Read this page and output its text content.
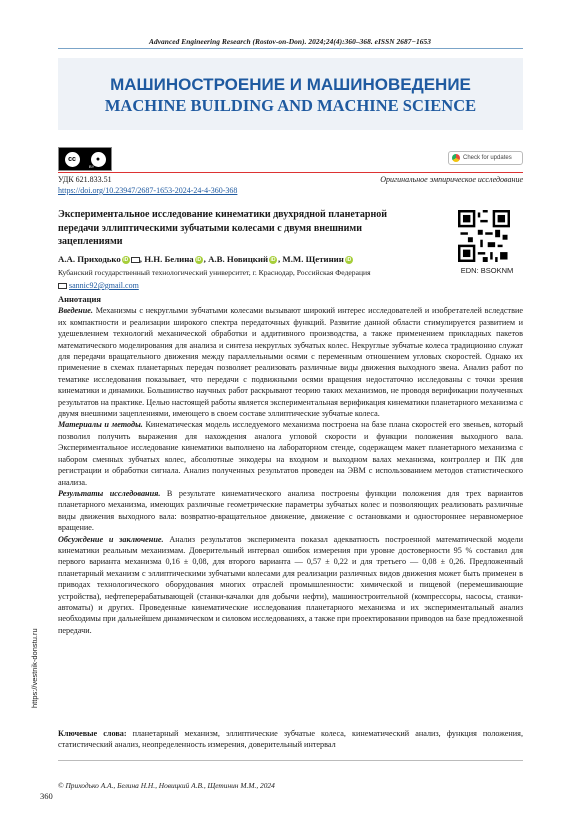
Advanced Engineering Research (Rostov-on-Don). 2024;24(4):360–368. eISSN 2687−1653
МАШИНОСТРОЕНИЕ И МАШИНОВЕДЕНИЕ
MACHINE BUILDING AND MACHINE SCIENCE
cc	●
BY
Check for updates
УДК 621.833.51	Оригинальное эмпирическое исследование
https://doi.org/10.23947/2687-1653-2024-24-4-360-368
Экспериментальное исследование кинематики двухрядной планетарной передачи эллиптическими зубчатыми колесами с двумя внешними зацеплениями
EDN: BSOKNM
А.А. Приходько iD , Н.Н. Белина iD , А.В. Новицкий iD , М.М. Щетинин iD
Кубанский государственный технологический университет, г. Краснодар, Российская Федерация
sannic92@gmail.com
Аннотация

Введение. Механизмы с некруглыми зубчатыми колесами вызывают широкий интерес исследователей и изобретателей вследствие их компактности и реализации широкого спектра передаточных функций. Развитие данной области стимулируется развитием и удешевлением технологий механической обработки и аддитивного производства, а также применением прикладных пакетов математического моделирования для анализа и синтеза некруглых зубчатых колес. Некруглые зубчатые колеса традиционно служат для передачи вращательного движения между параллельными осями с переменным отношением угловых скоростей. Однако их применение в схемах планетарных передач позволяет реализовать различные виды движения выходного звена. Анализ работ по тематике исследования показывает, что передачи с подвижными осями вращения недостаточно исследованы с точки зрения кинематики и динамики. Большинство научных работ раскрывают теорию таких механизмов, не проводя верификации полученных результатов на практике. Целью настоящей работы является экспериментальная верификация кинематики планетарного механизма с двумя внешними зацеплениями, имеющего в своем составе эллиптические зубчатые колеса.

Материалы и методы. Кинематическая модель исследуемого механизма построена на базе плана скоростей его звеньев, который позволил получить выражения для нахождения аналога угловой скорости и функции положения выходного вала. Экспериментальное исследование кинематики выполнено на лабораторном стенде, содержащем макет планетарного механизма с набором сменных зубчатых колес, абсолютные энкодеры на входном и выходном валах механизма, контроллер и ПК для регистрации и обработки сигнала. Анализ полученных результатов проведен на ЭВМ с использованием методов статистического анализа.

Результаты исследования. В результате кинематического анализа построены функции положения для трех вариантов планетарного механизма, имеющих различные геометрические параметры зубчатых колес и позволяющих реализовать различные виды движения выходного вала: возвратно-вращательное движение, движение с остановками и одностороннее неравномерное вращение.

Обсуждение и заключение. Анализ результатов эксперимента показал адекватность построенной математической модели кинематики реальным механизмам. Доверительный интервал ошибок измерения при уровне достоверности 95 % составил для первого варианта механизма 0,16 ± 0,08, для второго варианта — 0,57 ± 0,22 и для третьего — 0,08 ± 0,26. Предложенный планетарный механизм с эллиптическими зубчатыми колесами для реализации различных видов движения может быть применен в приводах технологического оборудования многих отраслей промышленности: химической и пищевой (перемешивающие устройства), нефтеперерабатывающей (станки-качалки для добычи нефти), машиностроительной (компрессоры, насосы, станки-автоматы) и других. Проведенные кинематические исследования планетарного механизма и их экспериментальный анализ необходимы при дальнейшем динамическом и силовом исследованиях, а также при проектировании приводов на базе предложенной передачи.

Ключевые слова: планетарный механизм, эллиптические зубчатые колеса, кинематический анализ, функция положения, статистический анализ, неопределенность измерения, доверительный интервал
© Приходько А.А., Белина Н.Н., Новицкий А.В., Щетинин М.М., 2024
360
https://vestnik-donstu.ru
